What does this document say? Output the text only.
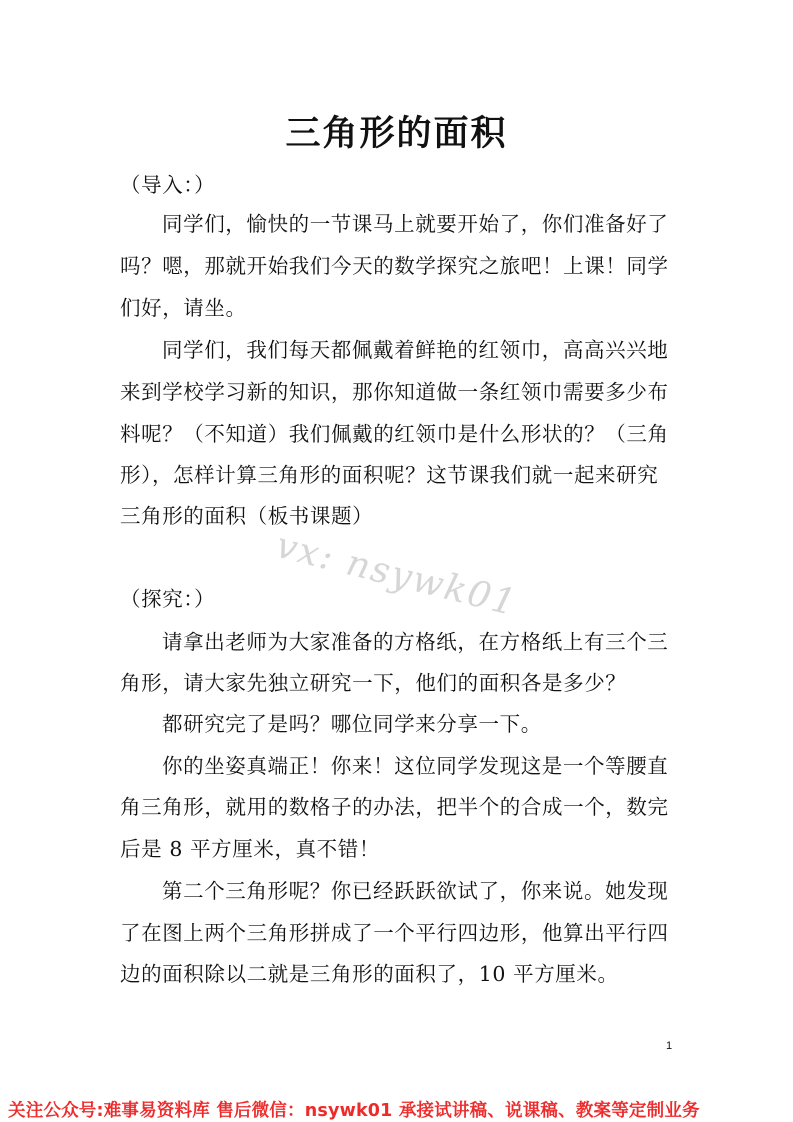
三角形的面积
（导入：）
同学们，愉快的一节课马上就要开始了，你们准备好了
吗？嗯，那就开始我们今天的数学探究之旅吧！上课！同学
们好，请坐。
同学们，我们每天都佩戴着鲜艳的红领巾，高高兴兴地
来到学校学习新的知识，那你知道做一条红领巾需要多少布
料呢？（不知道）我们佩戴的红领巾是什么形状的？（三角
形），怎样计算三角形的面积呢？这节课我们就一起来研究
三角形的面积（板书课题）
vx: nsywk01
（探究：）
请拿出老师为大家准备的方格纸，在方格纸上有三个三
角形，请大家先独立研究一下，他们的面积各是多少？
都研究完了是吗？哪位同学来分享一下。
你的坐姿真端正！你来！这位同学发现这是一个等腰直
角三角形，就用的数格子的办法，把半个的合成一个，数完
后是 8 平方厘米，真不错！
第二个三角形呢？你已经跃跃欲试了，你来说。她发现
了在图上两个三角形拼成了一个平行四边形，他算出平行四
边的面积除以二就是三角形的面积了，10 平方厘米。
1
关注公众号:难事易资料库 售后微信：nsywk01 承接试讲稿、说课稿、教案等定制业务
